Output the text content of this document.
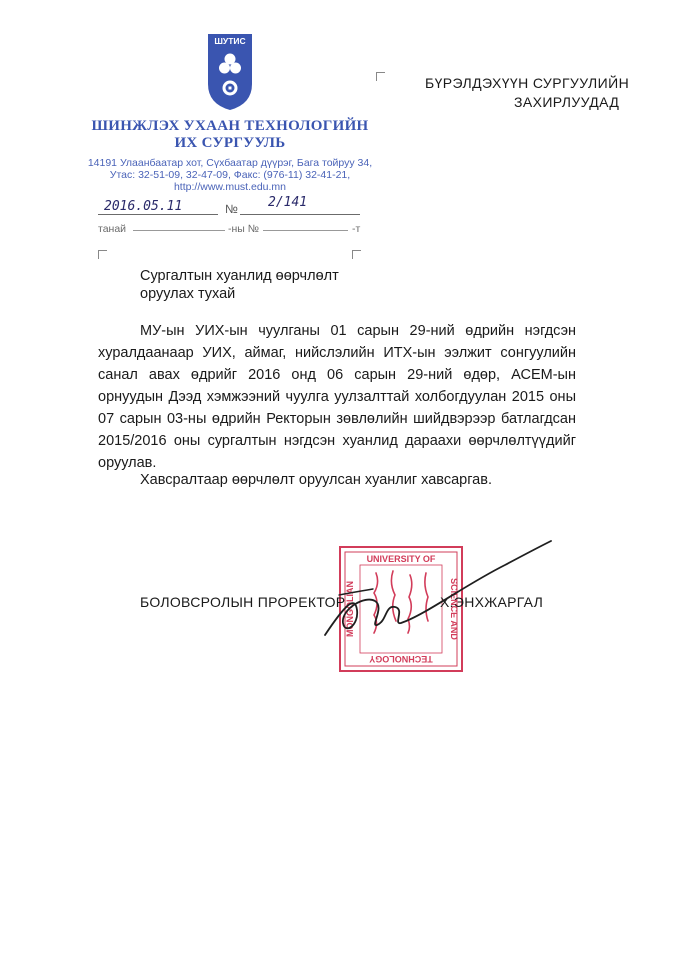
ШУТИС
ШИНЖЛЭХ УХААН ТЕХНОЛОГИЙН
ИХ СУРГУУЛЬ
14191 Улаанбаатар хот, Сүхбаатар дүүрэг, Бага тойруу 34,
Утас: 32-51-09, 32-47-09, Факс: (976-11) 32-41-21,
http://www.must.edu.mn
2016.05.11	№ 2/141
танай	-ны №	-т
БҮРЭЛДЭХҮҮН СУРГУУЛИЙН
ЗАХИРЛУУДАД
Сургалтын хуанлид өөрчлөлт
оруулах тухай

МУ-ын УИХ-ын чуулганы 01 сарын 29-ний өдрийн нэгдсэн хуралдаанаар УИХ, аймаг, нийслэлийн ИТХ-ын ээлжит сонгуулийн санал авах өдрийг 2016 онд 06 сарын 29-ний өдөр, АСЕМ-ын орнуудын Дээд хэмжээний чуулга уулзалттай холбогдуулан 2015 оны 07 сарын 03-ны өдрийн Ректорын зөвлөлийн шийдвэрээр батлагдсан 2015/2016 оны сургалтын нэгдсэн хуанлид дараахи өөрчлөлтүүдийг оруулав.

Хавсралтаар өөрчлөлт оруулсан хуанлиг хавсаргав.
UNIVERSITY OF
TECHNOLOGY
SCIENCE AND
MONGOLIAN
БОЛОВСРОЛЫН ПРОРЕКТОР	Х.ЭНХЖАРГАЛ
